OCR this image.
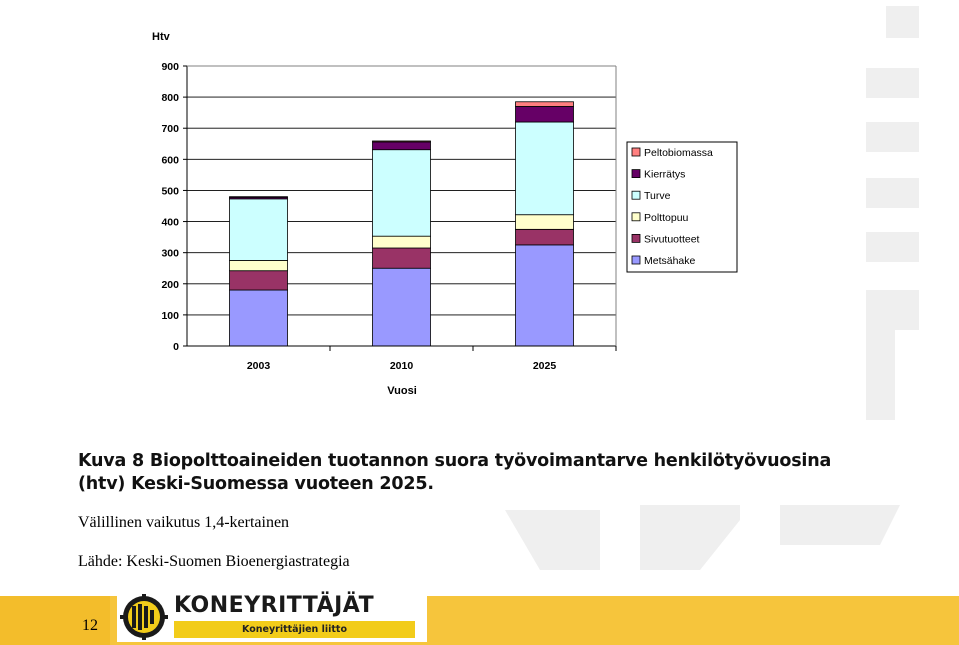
0
100
200
300
400
500
600
700
800
900
2003	2010	2025
Htv
Vuosi
Peltobiomassa
Kierrätys
Turve
Polttopuu
Sivutuotteet
Metsähake
Kuva 8 Biopolttoaineiden tuotannon suora työvoimantarve henkilötyövuosina (htv) Keski-Suomessa vuoteen 2025.
Välillinen vaikutus 1,4-kertainen
Lähde: Keski-Suomen Bioenergiastrategia
12
KONEYRITTÄJÄT
Koneyrittäjien liitto
